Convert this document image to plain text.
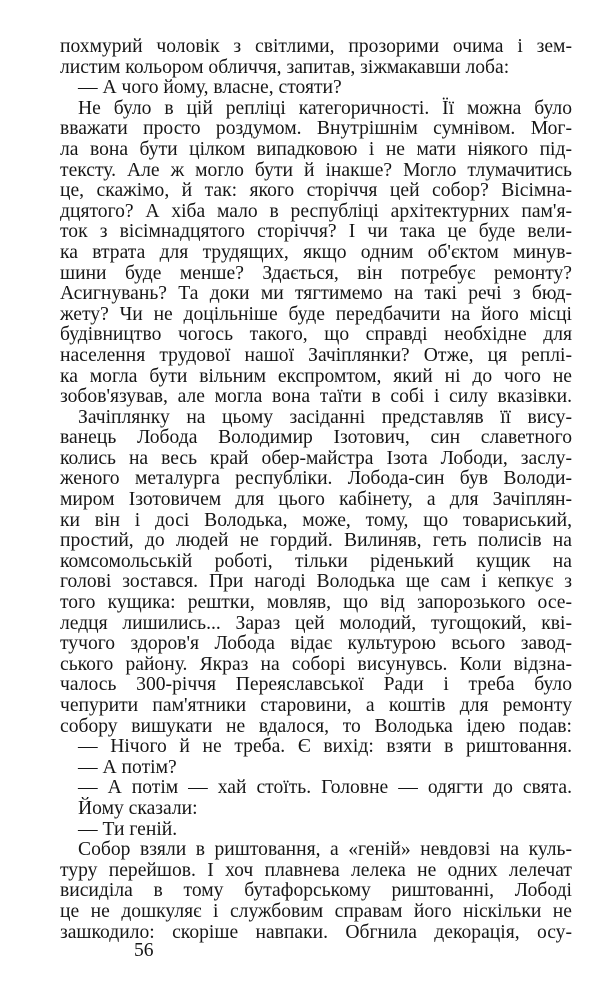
похмурий чоловік з світлими, прозорими очима і зем-
листим кольором обличчя, запитав, зіжмакавши лоба:
— А чого йому, власне, стояти?
Не було в цій репліці категоричності. Її можна було
вважати просто роздумом. Внутрішнім сумнівом. Мог-
ла вона бути цілком випадковою і не мати ніякого під-
тексту. Але ж могло бути й інакше? Могло тлумачитись
це, скажімо, й так: якого сторіччя цей собор? Вісімна-
дцятого? А хіба мало в республіці архітектурних пам'я-
ток з вісімнадцятого сторіччя? І чи така це буде вели-
ка втрата для трудящих, якщо одним об'єктом минув-
шини буде менше? Здається, він потребує ремонту?
Асигнувань? Та доки ми тягтимемо на такі речі з бюд-
жету? Чи не доцільніше буде передбачити на його місці
будівництво чогось такого, що справді необхідне для
населення трудової нашої Зачіплянки? Отже, ця реплі-
ка могла бути вільним експромтом, який ні до чого не
зобов'язував, але могла вона таїти в собі і силу вказівки.
Зачіплянку на цьому засіданні представляв її вису-
ванець Лобода Володимир Ізотович, син славетного
колись на весь край обер-майстра Ізота Лободи, заслу-
женого металурга республіки. Лобода-син був Володи-
миром Ізотовичем для цього кабінету, а для Зачіплян-
ки він і досі Володька, може, тому, що товариський,
простий, до людей не гордий. Вилиняв, геть полисів на
комсомольській роботі, тільки ріденький кущик на
голові зостався. При нагоді Володька ще сам і кепкує з
того кущика: рештки, мовляв, що від запорозького осе-
ледця лишились... Зараз цей молодий, тугощокий, кві-
тучого здоров'я Лобода відає культурою всього завод-
ського району. Якраз на соборі висунувсь. Коли відзна-
чалось 300-річчя Переяславської Ради і треба було
чепурити пам'ятники старовини, а коштів для ремонту
собору вишукати не вдалося, то Володька ідею подав:
— Нічого й не треба. Є вихід: взяти в риштовання.
— А потім?
— А потім — хай стоїть. Головне — одягти до свята.
Йому сказали:
— Ти геній.
Собор взяли в риштовання, а «геній» невдовзі на куль-
туру перейшов. І хоч плавнева лелека не одних лелечат
висиділа в тому бутафорському риштованні, Лободі
це не дошкуляє і службовим справам його ніскільки не
зашкодило: скоріше навпаки. Обгнила декорація, осу-
56
